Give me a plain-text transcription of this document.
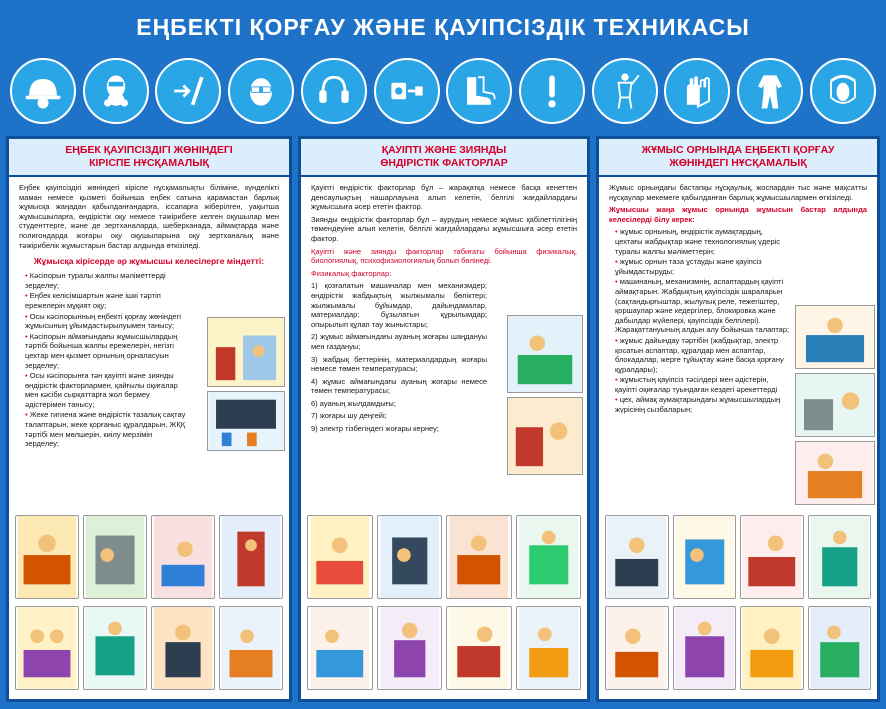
ЕҢБЕКТІ ҚОРҒАУ ЖӘНЕ ҚАУІПСІЗДІК ТЕХНИКАСЫ
ЕҢБЕК ҚАУІПСІЗДІГІ ЖӨНІНДЕГІ
КІРІСПЕ НҰСҚАМАЛЫҚ

Еңбек қауіпсіздігі жөніндегі кіріспе нұсқамалықты біліміне, күнделікті маман немесе қызметі бойынша еңбек сатына қарамастан барлық жұмысқа жаңадан қабылданғандарға, іссапарға жіберілген, уақытша жұмысшыларға, өндірістік оқу немесе тәжірибеге келген оқушылар мен студенттерге, және де зертханаларда, шеберханада, аймақтарда және полигондарда жоғары оқу оқушыларына оқу зертханалық және тәжірибелік жұмыстарын бастар алдында өткізіледі.

Жұмысқа кірісерде әр жұмысшы келесілерге міндетті:

• Кәсіпорын туралы жалпы мәліметтерді зерделеу;

• Еңбек келісімшартын және ішкі тәртіп ережелерін мұқият оқу;

• Осы кәсіпорынның еңбекті қорғау жөніндегі жұмысының ұйымдастырылуымен танысу;

• Кәсіпорын аймағындағы жұмысшылардың тәртібі бойынша жалпы ережелерін, негізгі цехтар мен қызмет орнының орналасуын зерделеу;

• Осы кәсіпорынға тән қауіпті және зиянды өндірістік факторлармен, қайғылы оқиғалар мен кәсіби сырқаттарға жол бермеу әдістерімен танысу;

• Жеке гигиена және өндірістік тазалық сақтау талаптарын, жеке қорғаныс құралдарын, ЖҚҚ тәртібі мен мөлшерін, киілу мерзімін зерделеу;

ҚАУІПТІ ЖӘНЕ ЗИЯНДЫ
ӨНДІРІСТІК ФАКТОРЛАР

Қауіпті өндірістік факторлар бұл – жарақатқа немесе басқа кенеттен денсаулықтың нашарлауына алып келетін, белгілі жағдайлардағы жұмысшыға әсер ететін фактор.

Зиянды өндірістік факторлар бұл – аурудың немесе жұмыс қабілеттілігінің төмендеуіне алып келетін, белгілі жағдайлардағы жұмысшыға әсер ететін фактор.

Қауіпті және зиянды факторлар табиғаты бойынша физикалық, биологиялық, психофизиологиялық болып бөлінеді.

Физикалық факторлар:

1) қозғалатын машиналар мен механизмдер; өндірістік жабдықтың жылжымалы бөліктері; жылжымалы бұйымдар, дайындамалар, материалдар; бұзылатын құрылымдар; опырылып құлап тау жыныстары;

2) жұмыс аймағындағы ауаның жоғары шаңдануы мен газдануы;

3) жабдық беттерінің, материалдардың жоғары немесе төмен температурасы;

4) жұмыс аймағындағы ауаның жоғары немесе төмен температурасы;

6) ауаның жылдамдығы;

7) жоғары шу деңгейі;

9) электр тізбегіндегі жоғары кернеу;

ЖҰМЫС ОРНЫНДА ЕҢБЕКТІ ҚОРҒАУ
ЖӨНІНДЕГІ НҰСҚАМАЛЫҚ

Жұмыс орнындағы бастапқы нұсқаулық, жоспардан тыс және мақсатты нұсқаулар мекемеге қабылданған барлық жұмысшылармен өткізіледі.

Жұмысшы жаңа жұмыс орнында жұмысын бастар алдында келесілерді білу керек:

• жұмыс орнының, өндірістік аумақтардың, цехтағы жабдықтар және технологиялық үдеріс туралы жалпы мәліметтерін;

• жұмыс орнын таза ұстауды және қауіпсіз ұйымдастыруды;

• машинаның, механизмнің, аспаптардың қауіпті аймақтарын. Жабдықтың қауіпсіздік шараларын (сақтандырғыштар, жылулық реле, тежегіштер, қоршаулар және кедергілер, блокировка және дабылдар жүйелері, қауіпсіздік белгілері). Жарақаттануының алдын алу бойынша талаптар;

• жұмыс дайындау тәртібін (жабдықтар, электр қосатын аспаптар, құралдар мен аспаптар, блокадалар, жерге тұйықтау және басқа қорғану құралдары);

• жұмыстың қауіпсіз тәсілдері мен әдістерін, қауіпті оқиғалар туындаған кездегі әрекеттерді

• цех, аймақ аумақтарындағы жұмысшылардың жүрісінің сызбаларын;
